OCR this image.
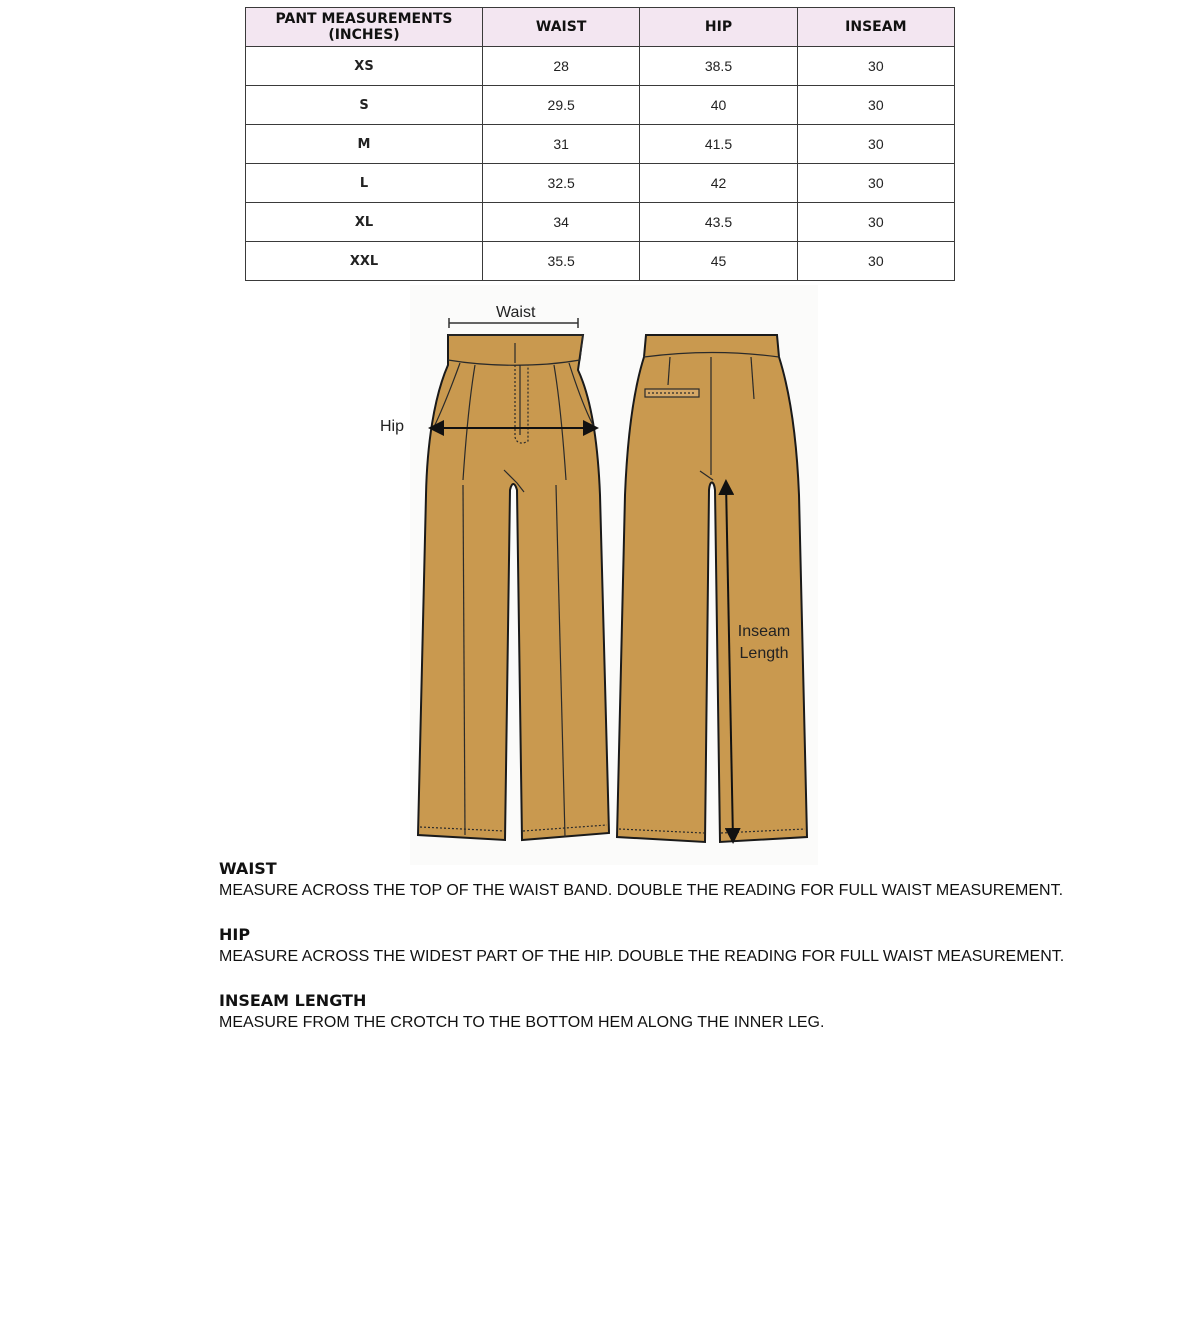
PANT MEASUREMENTS (INCHES)	WAIST	HIP	INSEAM
XS	28	38.5	30
S	29.5	40	30
M	31	41.5	30
L	32.5	42	30
XL	34	43.5	30
XXL	35.5	45	30
Waist
Hip
Inseam
Length
WAIST
MEASURE ACROSS THE TOP OF THE WAIST BAND. DOUBLE THE READING FOR FULL WAIST MEASUREMENT.
HIP
MEASURE ACROSS THE WIDEST PART OF THE HIP. DOUBLE THE READING FOR FULL WAIST MEASUREMENT.
INSEAM LENGTH
MEASURE FROM THE CROTCH TO THE BOTTOM HEM ALONG THE INNER LEG.
